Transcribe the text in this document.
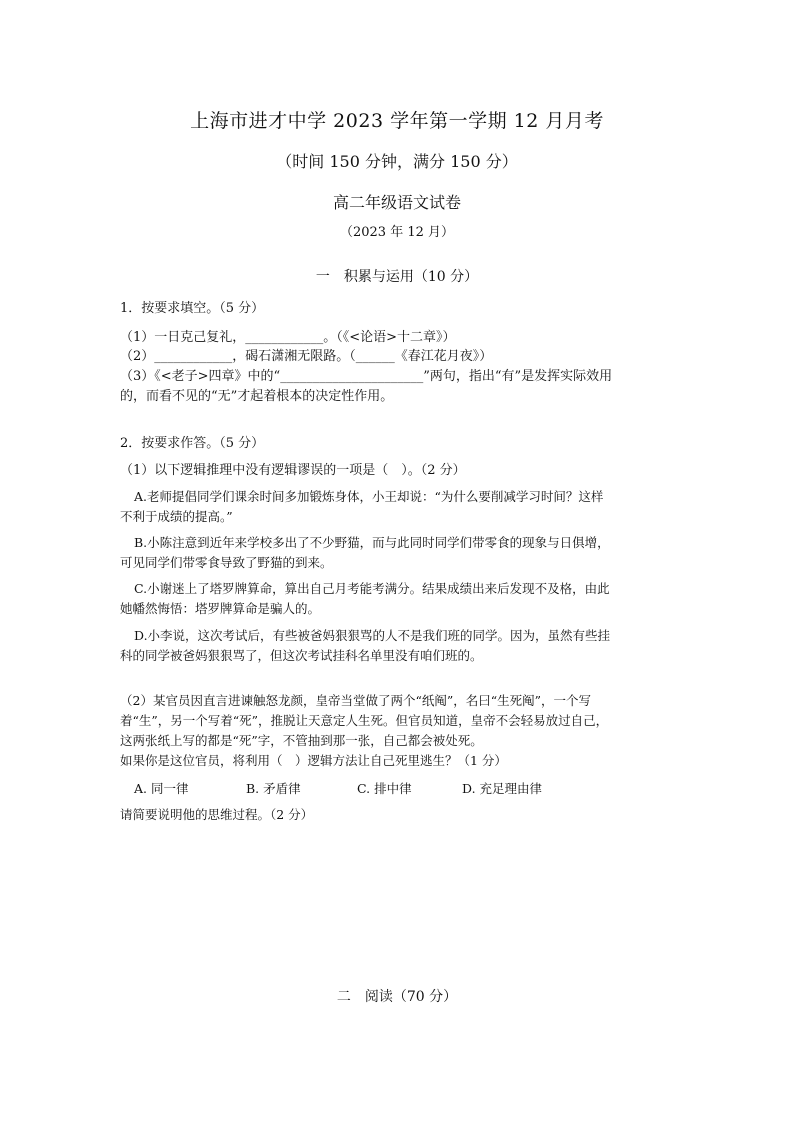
上海市进才中学 2023 学年第一学期 12 月月考
（时间 150 分钟，满分 150 分）
高二年级语文试卷
（2023 年 12 月）
一　积累与运用（10 分）
1．按要求填空。（5 分）
（1）一日克己复礼，____________。（《<论语>十二章》）
（2）____________，碣石潇湘无限路。（______《春江花月夜》）
（3）《<老子>四章》中的“______________________”两句，指出“有”是发挥实际效用
的，而看不见的“无”才起着根本的决定性作用。
2．按要求作答。（5 分）
（1）以下逻辑推理中没有逻辑谬误的一项是（　）。（2 分）
A.老师提倡同学们课余时间多加锻炼身体，小王却说：“为什么要削减学习时间？这样
不利于成绩的提高。”
B.小陈注意到近年来学校多出了不少野猫，而与此同时同学们带零食的现象与日俱增，
可见同学们带零食导致了野猫的到来。
C.小谢迷上了塔罗牌算命，算出自己月考能考满分。结果成绩出来后发现不及格，由此
她幡然悔悟：塔罗牌算命是骗人的。
D.小李说，这次考试后，有些被爸妈狠狠骂的人不是我们班的同学。因为，虽然有些挂
科的同学被爸妈狠狠骂了，但这次考试挂科名单里没有咱们班的。
（2）某官员因直言进谏触怒龙颜，皇帝当堂做了两个“纸阄”，名曰“生死阄”，一个写
着“生”，另一个写着“死”，推脱让天意定人生死。但官员知道，皇帝不会轻易放过自己，
这两张纸上写的都是“死”字，不管抽到那一张，自己都会被处死。
如果你是这位官员，将利用（　）逻辑方法让自己死里逃生？（1 分）
A. 同一律	B. 矛盾律	C. 排中律	D. 充足理由律
请简要说明他的思维过程。（2 分）
二　阅读（70 分）
